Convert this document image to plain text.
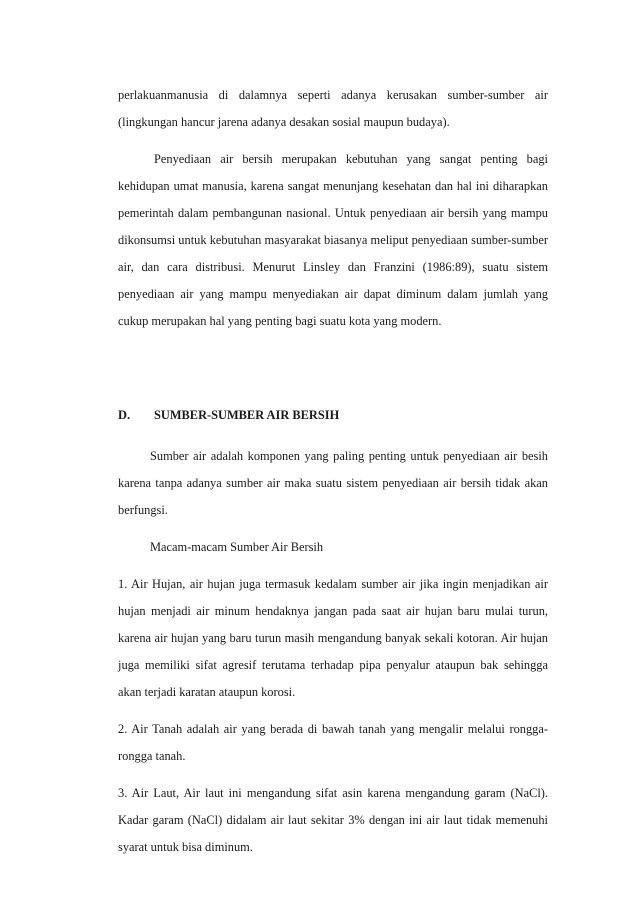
perlakuanmanusia di dalamnya seperti adanya kerusakan sumber-sumber air (lingkungan hancur jarena adanya desakan sosial maupun budaya).

Penyediaan air bersih merupakan kebutuhan yang sangat penting bagi kehidupan umat manusia, karena sangat menunjang kesehatan dan hal ini diharapkan pemerintah dalam pembangunan nasional. Untuk penyediaan air bersih yang mampu dikonsumsi untuk kebutuhan masyarakat biasanya meliput penyediaan sumber-sumber air, dan cara distribusi. Menurut Linsley dan Franzini (1986:89), suatu sistem penyediaan air yang mampu menyediakan air dapat diminum dalam jumlah yang cukup merupakan hal yang penting bagi suatu kota yang modern.

D.	SUMBER-SUMBER AIR BERSIH

Sumber air adalah komponen yang paling penting untuk penyediaan air besih karena tanpa adanya sumber air maka suatu sistem penyediaan air bersih tidak akan berfungsi.

Macam-macam Sumber Air Bersih

1. Air Hujan, air hujan juga termasuk kedalam sumber air jika ingin menjadikan air hujan menjadi air minum hendaknya jangan pada saat air hujan baru mulai turun, karena air hujan yang baru turun masih mengandung banyak sekali kotoran. Air hujan juga memiliki sifat agresif terutama terhadap pipa penyalur ataupun bak sehingga akan terjadi karatan ataupun korosi.

2. Air Tanah adalah air yang berada di bawah tanah yang mengalir melalui rongga-rongga tanah.

3. Air Laut, Air laut ini mengandung sifat asin karena mengandung garam (NaCl). Kadar garam (NaCl) didalam air laut sekitar 3% dengan ini air laut tidak memenuhi syarat untuk bisa diminum.
